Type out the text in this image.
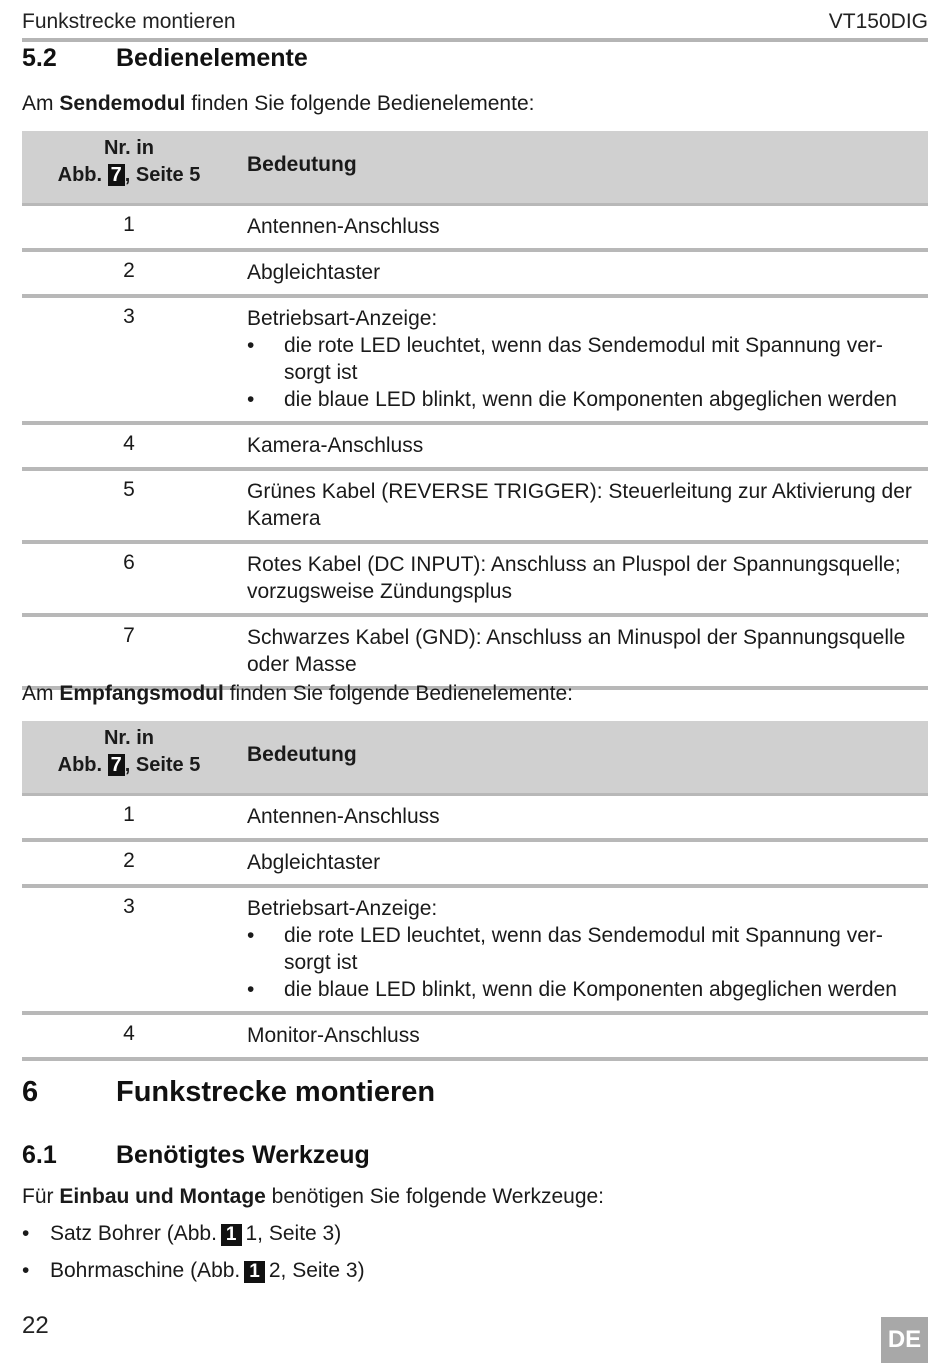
Funkstrecke montieren	VT150DIG
5.2 Bedienelemente
Am Sendemodul finden Sie folgende Bedienelemente:
Nr. in
Abb. 7 , Seite 5	Bedeutung
1	Antennen-Anschluss
2	Abgleichtaster
3	Betriebsart-Anzeige:
• die rote LED leuchtet, wenn das Sendemodul mit Spannung ver-sorgt ist
• die blaue LED blinkt, wenn die Komponenten abgeglichen werden
4	Kamera-Anschluss
5	Grünes Kabel (REVERSE TRIGGER): Steuerleitung zur Aktivierung der Kamera
6	Rotes Kabel (DC INPUT): Anschluss an Pluspol der Spannungsquelle; vorzugsweise Zündungsplus
7	Schwarzes Kabel (GND): Anschluss an Minuspol der Spannungsquelle oder Masse
Am Empfangsmodul finden Sie folgende Bedienelemente:
Nr. in
Abb. 7 , Seite 5	Bedeutung
1	Antennen-Anschluss
2	Abgleichtaster
3	Betriebsart-Anzeige:
• die rote LED leuchtet, wenn das Sendemodul mit Spannung ver-sorgt ist
• die blaue LED blinkt, wenn die Komponenten abgeglichen werden
4	Monitor-Anschluss
6	Funkstrecke montieren
6.1 Benötigtes Werkzeug
Für Einbau und Montage benötigen Sie folgende Werkzeuge:
• Satz Bohrer (Abb. 1 1, Seite 3)
• Bohrmaschine (Abb. 1 2, Seite 3)
22
DE
